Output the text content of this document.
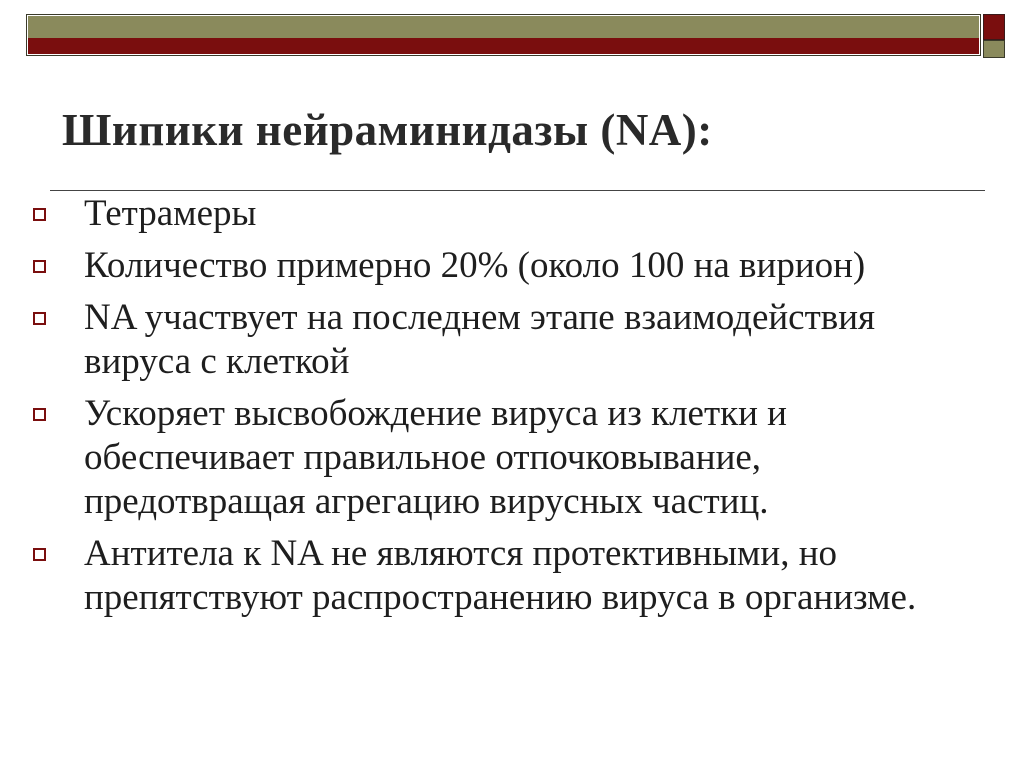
Шипики нейраминидазы (NA):
Тетрамеры
Количество примерно 20% (около 100 на вирион)
NA участвует на последнем этапе взаимодействия вируса с клеткой
Ускоряет высвобождение вируса из клетки и обеспечивает правильное отпочковывание, предотвращая агрегацию вирусных частиц.
Антитела к NA не являются протективными, но препятствуют распространению вируса в организме.
